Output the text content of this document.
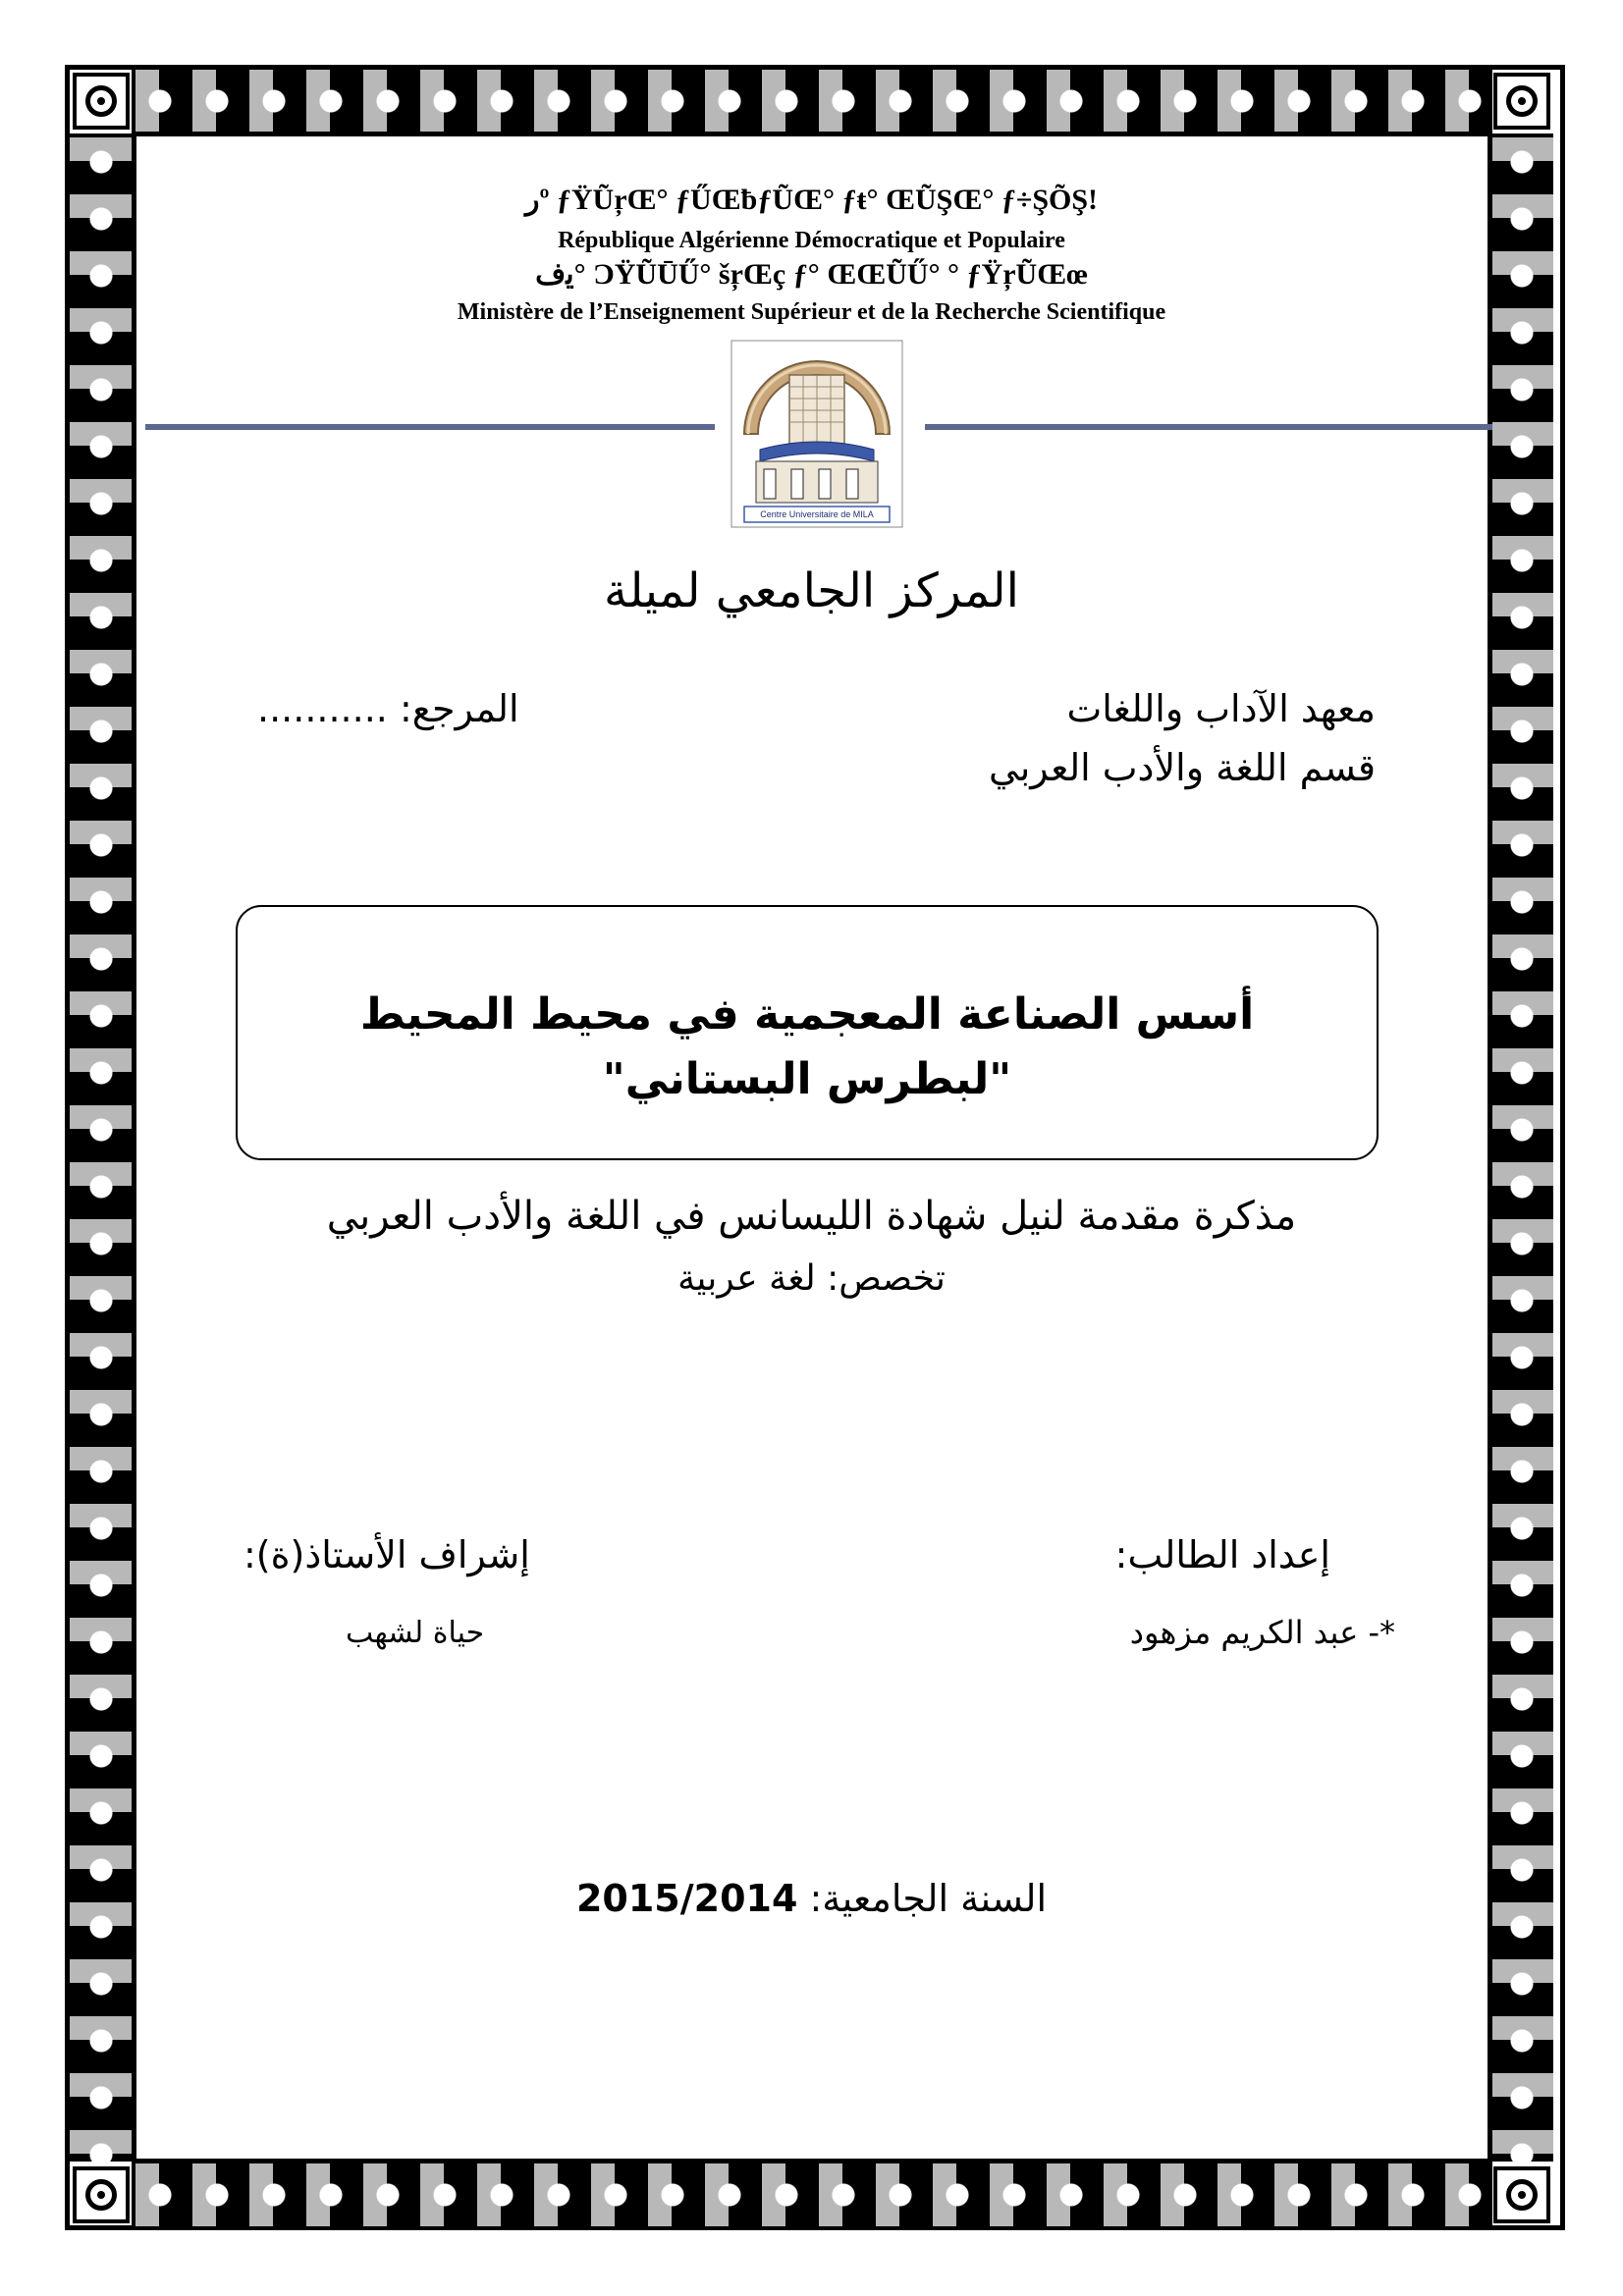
ﺭº ƒŸŨŗŒ° ƒŰŒƀƒŨŒ° ƒŧ° ŒŨŞŒ° ƒ÷ŞÕŞ!
République Algérienne Démocratique et Populaire
ﻳﻑ° ƆŸŨŪŰ° šŗŒç ƒ° ŒŒŨŰ° ° ƒŸŗŨŒœ
Ministère de l’Enseignement Supérieur et de la Recherche Scientifique
Centre Universitaire de MILA
المركز الجامعي لميلة
معهد الآداب واللغات
قسم اللغة والأدب العربي
المرجع: ...........
أسس الصناعة المعجمية في محيط المحيط
"لبطرس البستاني"
مذكرة مقدمة لنيل شهادة الليسانس في اللغة والأدب العربي
تخصص: لغة عربية
إعداد الطالب:
إشراف الأستاذ(ة):
*- عبد الكريم مزهود
حياة لشهب
السنة الجامعية: 2015/2014
